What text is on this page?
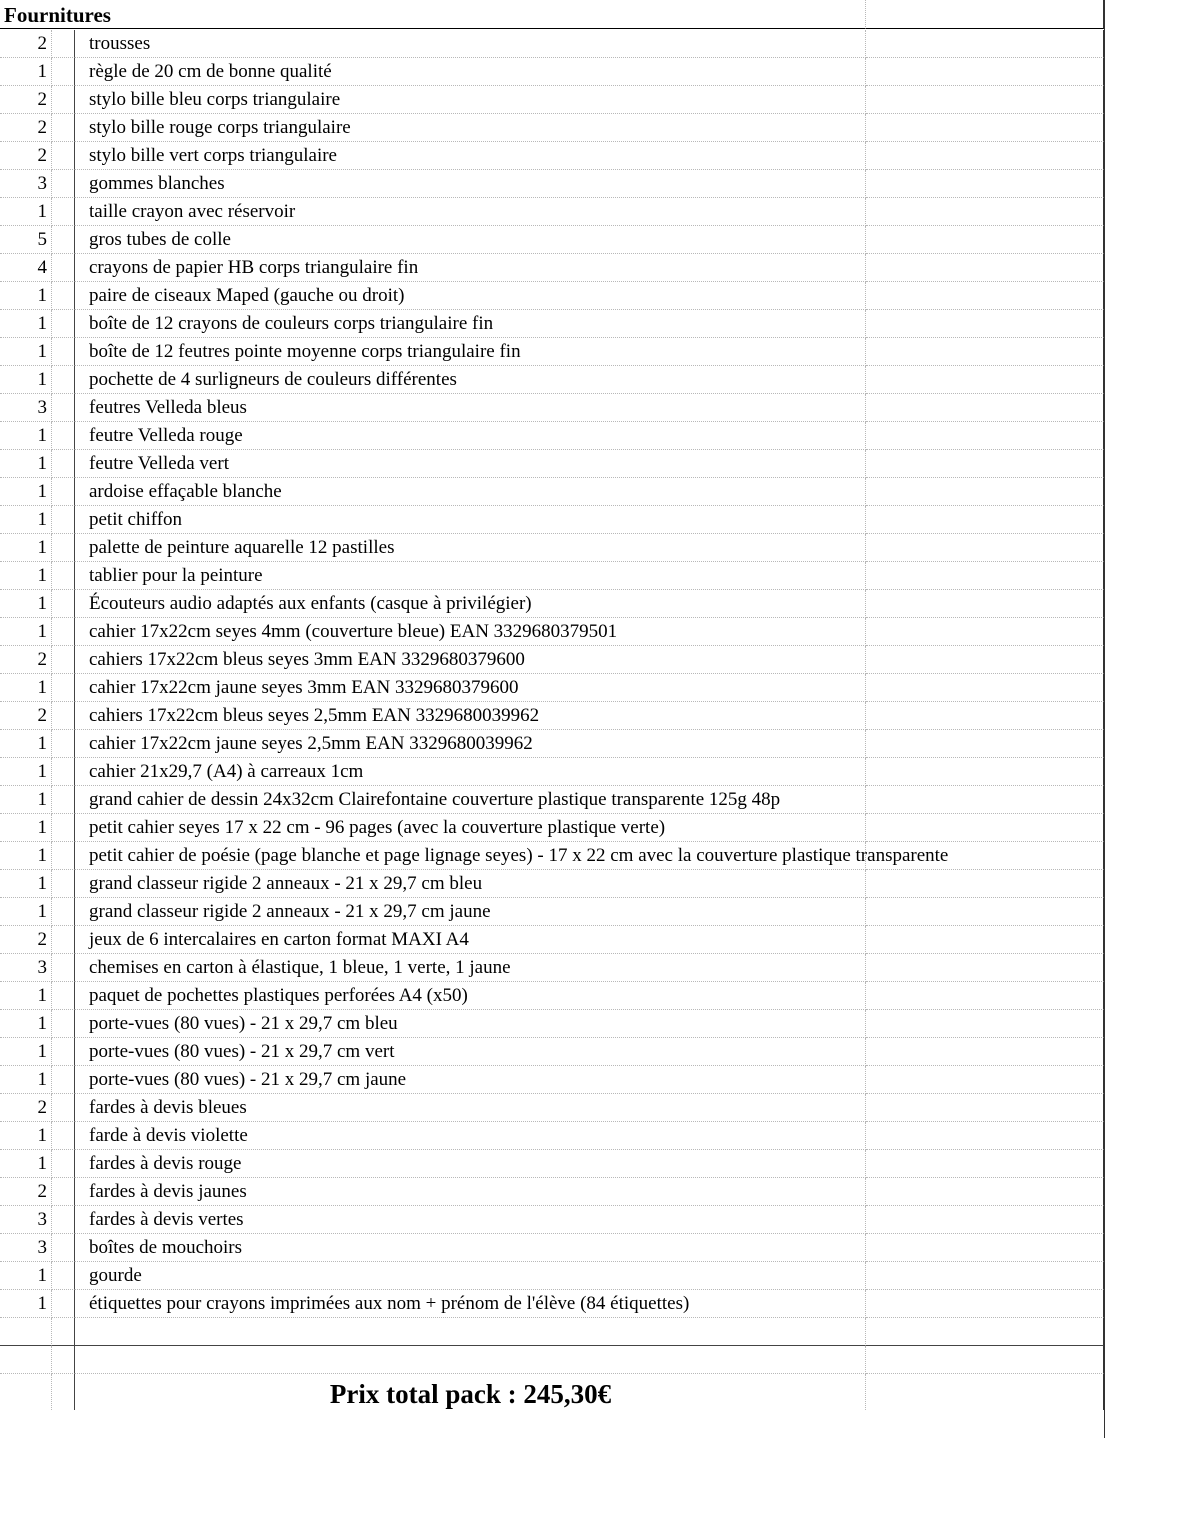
Fournitures
2	trousses
1	règle de 20 cm de bonne qualité
2	stylo bille bleu corps triangulaire
2	stylo bille rouge corps triangulaire
2	stylo bille vert corps triangulaire
3	gommes blanches
1	taille crayon avec réservoir
5	gros tubes de colle
4	crayons de papier HB corps triangulaire fin
1	paire de ciseaux Maped (gauche ou droit)
1	boîte de 12 crayons de couleurs corps triangulaire fin
1	boîte de 12 feutres pointe moyenne corps triangulaire fin
1	pochette de 4 surligneurs de couleurs différentes
3	feutres Velleda bleus
1	feutre Velleda rouge
1	feutre Velleda vert
1	ardoise effaçable blanche
1	petit chiffon
1	palette de peinture aquarelle 12 pastilles
1	tablier pour la peinture
1	Écouteurs audio adaptés aux enfants (casque à privilégier)
1	cahier 17x22cm seyes 4mm (couverture bleue) EAN 3329680379501
2	cahiers 17x22cm bleus seyes 3mm EAN 3329680379600
1	cahier 17x22cm jaune seyes 3mm EAN 3329680379600
2	cahiers 17x22cm bleus seyes 2,5mm EAN 3329680039962
1	cahier 17x22cm jaune seyes 2,5mm EAN 3329680039962
1	cahier 21x29,7 (A4) à carreaux 1cm
1	grand cahier de dessin 24x32cm Clairefontaine couverture plastique transparente 125g 48p
1	petit cahier seyes 17 x 22 cm - 96 pages (avec la couverture plastique verte)
1	petit cahier de poésie (page blanche et page lignage seyes) - 17 x 22 cm avec la couverture plastique transparente
1	grand classeur rigide 2 anneaux - 21 x 29,7 cm bleu
1	grand classeur rigide 2 anneaux - 21 x 29,7 cm jaune
2	jeux de 6 intercalaires en carton format MAXI A4
3	chemises en carton à élastique, 1 bleue, 1 verte, 1 jaune
1	paquet de pochettes plastiques perforées A4 (x50)
1	porte-vues (80 vues) - 21 x 29,7 cm bleu
1	porte-vues (80 vues) - 21 x 29,7 cm vert
1	porte-vues (80 vues) - 21 x 29,7 cm jaune
2	fardes à devis bleues
1	farde à devis violette
1	fardes à devis rouge
2	fardes à devis jaunes
3	fardes à devis vertes
3	boîtes de mouchoirs
1	gourde
1	étiquettes pour crayons imprimées aux nom + prénom de l'élève (84 étiquettes)
Prix total pack : 245,30€
